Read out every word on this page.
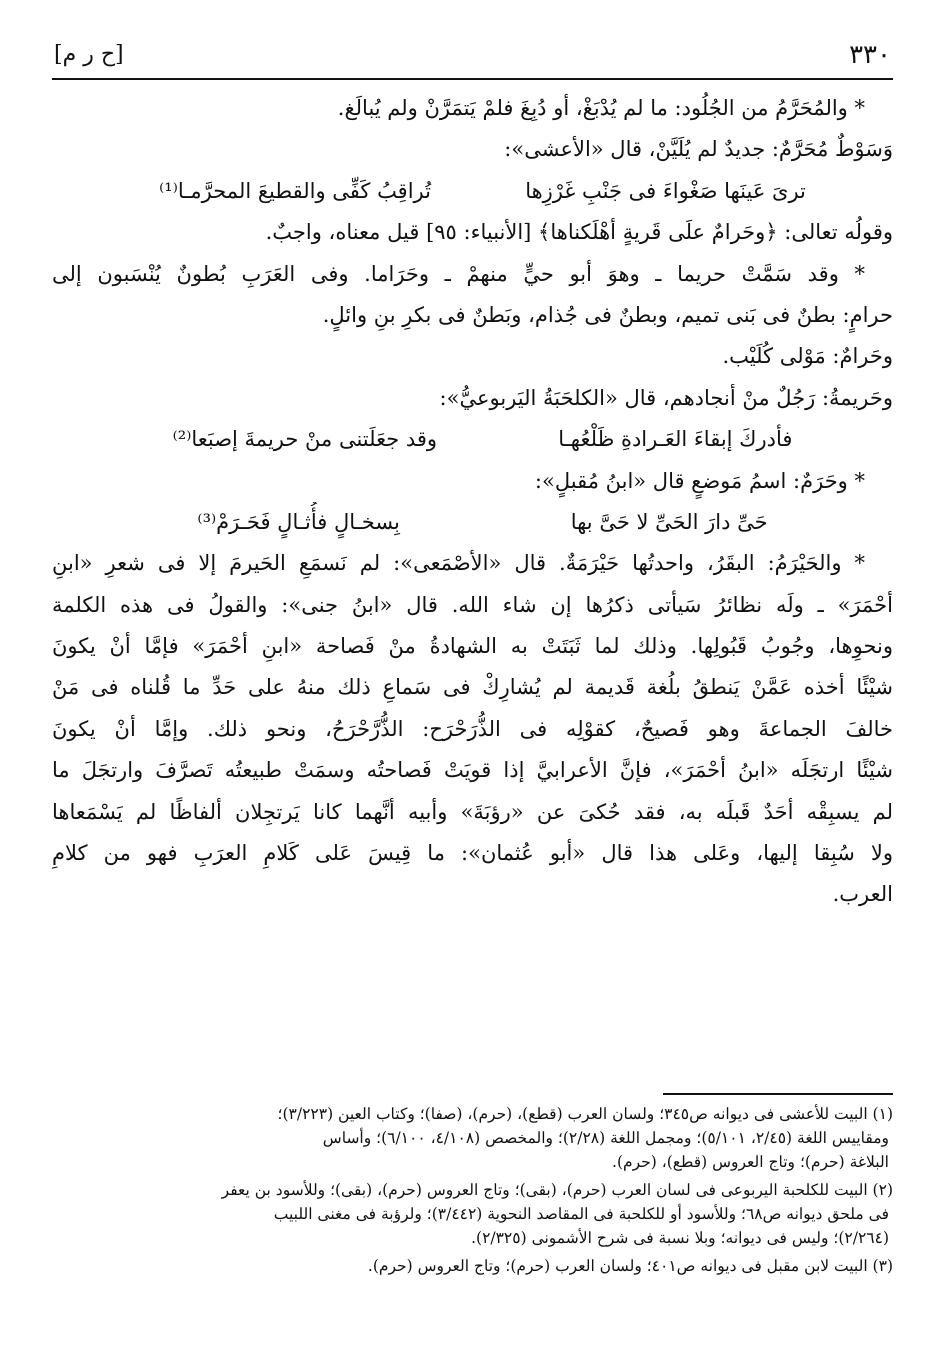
٣٣٠
[ح ر م]
* والمُحَرَّمُ من الجُلُود: ما لم يُدْبَغْ، أو دُبِغَ فلمْ يَتمَرَّنْ ولم يُبالَغ.
وَسَوْطٌ مُحَرَّمٌ: جديدٌ لم يُلَيَّنْ، قال «الأعشى»:
ترىَ عَينَها صَغْواءَ فى جَنْبِ غَرْزِها
تُراقِبُ كَفِّى والقطيعَ المحرَّمـا⁽¹⁾
وقولُه تعالى: ﴿وحَرامٌ علَى قَريةٍ أهْلَكناها﴾ [الأنبياء: ٩٥] قيل معناه، واجبٌ.
* وقد سَمَّتْ حريما ـ وهوَ أبو حيٍّ منهمْ ـ وحَرَاما. وفى العَرَبِ بُطونٌ يُنْسَبون إلى
حرامٍ: بطنٌ فى بَنى تميم، وبطنٌ فى جُذام، وبَطنٌ فى بكرِ بنِ وائلٍ.
وحَرامٌ: مَوْلى كُلَيْب.
وحَريمةُ: رَجُلٌ منْ أنجادهم، قال «الكلحَبَةُ اليَربوعيُّ»:
فأدركَ إبقاءَ العَـرادةِ ظَلْعُهـا
وقد جعَلَتنى منْ حريمةَ إصبَعا⁽²⁾
* وحَرَمٌ: اسمُ مَوضعٍ قال «ابنُ مُقبلٍ»:
حَىِّ دارَ الحَىِّ لا حَىَّ بها
بِسخـالٍ فأُثـالٍ فَحَـرَمْ⁽³⁾
* والحَيْرَمُ: البقَرُ، واحدتُها حَيْرَمَةٌ. قال «الأصْمَعى»: لم نَسمَعِ الحَيرمَ إلا فى شعرِ «ابنِ
أحْمَرَ» ـ ولَه نظائرُ سَيأتى ذكرُها إن شاء الله. قال «ابنُ جنى»: والقولُ فى هذه الكلمة
ونحوِها، وجُوبُ قَبُولِها. وذلك لما ثَبَتَتْ به الشهادةُ منْ فَصاحة «ابنِ أحْمَرَ» فإمَّا أنْ يكونَ
شيْئًا أخذه عَمَّنْ يَنطقُ بلُغة قَديمة لم يُشارِكْ فى سَماعِ ذلك منهُ على حَدِّ ما قُلناه فى مَنْ
خالفَ الجماعةَ وهو فَصيحٌ، كقوْلِه فى الذُّرَحْرَح: الذُّرَّحْرَحُ، ونحو ذلك. وإمَّا أنْ يكونَ
شيْئًا ارتجَلَه «ابنُ أحْمَرَ»، فإنَّ الأعرابيَّ إذا قويَتْ فَصاحتُه وسمَتْ طبيعتُه تَصرَّفَ وارتجَلَ ما
لم يسبِقْه أحَدٌ قَبلَه به، فقد حُكىَ عن «رؤبَةَ» وأبيه أنَّهما كانا يَرتجِلان ألفاظًا لم يَسْمَعاها
ولا سُبِقا إليها، وعَلى هذا قال «أبو عُثمان»: ما قِيسَ عَلى كَلامِ العرَبِ فهو من كلامِ
العرب.
(١) البيت للأعشى فى ديوانه ص٣٤٥؛ ولسان العرب (قطع)، (حرم)، (صفا)؛ وكتاب العين (٣/٢٢٣)؛
ومقاييس اللغة (٢/٤٥، ٥/١٠١)؛ ومجمل اللغة (٢/٢٨)؛ والمخصص (٤/١٠٨، ٦/١٠٠)؛ وأساس
البلاغة (حرم)؛ وتاج العروس (قطع)، (حرم).
(٢) البيت للكلحبة اليربوعى فى لسان العرب (حرم)، (بقى)؛ وتاج العروس (حرم)، (بقى)؛ وللأسود بن يعفر
فى ملحق ديوانه ص٦٨؛ وللأسود أو للكلحبة فى المقاصد النحوية (٣/٤٤٢)؛ ولرؤبة فى مغنى اللبيب
(٢/٢٦٤)؛ وليس فى ديوانه؛ وبلا نسبة فى شرح الأشمونى (٢/٣٢٥).
(٣) البيت لابن مقبل فى ديوانه ص٤٠١؛ ولسان العرب (حرم)؛ وتاج العروس (حرم).
